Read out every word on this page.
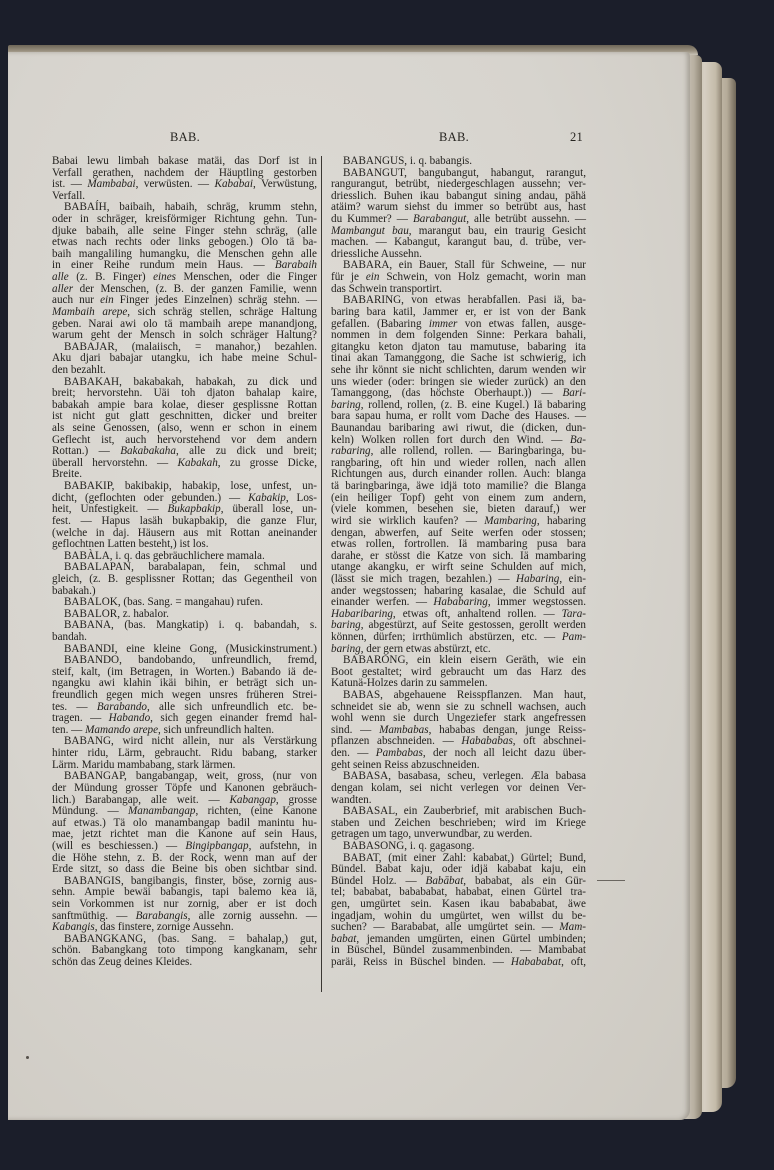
BAB.	BAB.	21
Babai lewu limbah bakase matäi, das Dorf ist in
Verfall gerathen, nachdem der Häuptling gestorben
ist. — Mambabai, verwüsten. — Kababai, Verwüstung,
Verfall.
BABAÍH, baibaih, habaih, schräg, krumm stehn,
oder in schräger, kreisförmiger Richtung gehn. Tun-
djuke babaih, alle seine Finger stehn schräg, (alle
etwas nach rechts oder links gebogen.) Olo tä ba-
baih mangaliling humangku, die Menschen gehn alle
in einer Reihe rundum mein Haus. — Barabaih
alle (z. B. Finger) eines Menschen, oder die Finger
aller der Menschen, (z. B. der ganzen Familie, wenn
auch nur ein Finger jedes Einzelnen) schräg stehn. —
Mambaih arepe, sich schräg stellen, schräge Haltung
geben. Narai awi olo tä mambaih arepe manandjong,
warum geht der Mensch in solch schräger Haltung?
BABAJAR, (malaiisch, = manahor,) bezahlen.
Aku djari babajar utangku, ich habe meine Schul-
den bezahlt.
BABAKAH, bakabakah, habakah, zu dick und
breit; hervorstehn. Uäi toh djaton bahalap kaire,
babakah ampie bara kolae, dieser gesplissne Rottan
ist nicht gut glatt geschnitten, dicker und breiter
als seine Genossen, (also, wenn er schon in einem
Geflecht ist, auch hervorstehend vor dem andern
Rottan.) — Bakabakaha, alle zu dick und breit;
überall hervorstehn. — Kabakah, zu grosse Dicke,
Breite.
BABAKIP, bakibakip, habakip, lose, unfest, un-
dicht, (geflochten oder gebunden.) — Kabakip, Los-
heit, Unfestigkeit. — Bukapbakip, überall lose, un-
fest. — Hapus lasäh bukapbakip, die ganze Flur,
(welche in daj. Häusern aus mit Rottan aneinander
geflochtnen Latten besteht,) ist los.
BABÀLA, i. q. das gebräuchlichere mamala.
BABALAPAN, barabalapan, fein, schmal und
gleich, (z. B. gesplissner Rottan; das Gegentheil von
babakah.)
BABALOK, (bas. Sang. = mangahau) rufen.
BABALOR, z. habalor.
BABANA, (bas. Mangkatip) i. q. babandah, s.
bandah.
BABANDI, eine kleine Gong, (Musickinstrument.)
BABANDO, bandobando, unfreundlich, fremd,
steif, kalt, (im Betragen, in Worten.) Babando iä de-
ngangku awi klahin ikäi bihin, er beträgt sich un-
freundlich gegen mich wegen unsres früheren Strei-
tes. — Barabando, alle sich unfreundlich etc. be-
tragen. — Habando, sich gegen einander fremd hal-
ten. — Mamando arepe, sich unfreundlich halten.
BABANG, wird nicht allein, nur als Verstärkung
hinter ridu, Lärm, gebraucht. Ridu babang, starker
Lärm. Maridu mambabang, stark lärmen.
BABANGAP, bangabangap, weit, gross, (nur von
der Mündung grosser Töpfe und Kanonen gebräuch-
lich.) Barabangap, alle weit. — Kabangap, grosse
Mündung. — Manambangap, richten, (eine Kanone
auf etwas.) Tä olo manambangap badil manintu hu-
mae, jetzt richtet man die Kanone auf sein Haus,
(will es beschiessen.) — Bingipbangap, aufstehn, in
die Höhe stehn, z. B. der Rock, wenn man auf der
Erde sitzt, so dass die Beine bis oben sichtbar sind.
BABANGIS, bangibangis, finster, böse, zornig aus-
sehn. Ampie bewäi babangis, tapi balemo kea iä,
sein Vorkommen ist nur zornig, aber er ist doch
sanftmüthig. — Barabangis, alle zornig aussehn. —
Kabangis, das finstere, zornige Aussehn.
BABANGKANG, (bas. Sang. = bahalap,) gut,
schön. Babangkang toto timpong kangkanam, sehr
schön das Zeug deines Kleides.
BABANGUS, i. q. babangis.
BABANGUT, bangubangut, habangut, rarangut,
rangurangut, betrübt, niedergeschlagen aussehn; ver-
driesslich. Buhen ikau babangut sining andau, pähä
atäim? warum siehst du immer so betrübt aus, hast
du Kummer? — Barabangut, alle betrübt aussehn. —
Mambangut bau, marangut bau, ein traurig Gesicht
machen. — Kabangut, karangut bau, d. trübe, ver-
driessliche Aussehn.
BABARA, ein Bauer, Stall für Schweine, — nur
für je ein Schwein, von Holz gemacht, worin man
das Schwein transportirt.
BABARING, von etwas herabfallen. Pasi iä, ba-
baring bara katil, Jammer er, er ist von der Bank
gefallen. (Babaring immer von etwas fallen, ausge-
nommen in dem folgenden Sinne: Perkara bahali,
gitangku keton djaton tau mamutuse, babaring ita
tinai akan Tamanggong, die Sache ist schwierig, ich
sehe ihr könnt sie nicht schlichten, darum wenden wir
uns wieder (oder: bringen sie wieder zurück) an den
Tamanggong, (das höchste Oberhaupt.)) — Bari-
baring, rollend, rollen, (z. B. eine Kugel.) Iä babaring
bara sapau huma, er rollt vom Dache des Hauses. —
Baunandau baribaring awi riwut, die (dicken, dun-
keln) Wolken rollen fort durch den Wind. — Ba-
rabaring, alle rollend, rollen. — Baringbaringa, bu-
rangbaring, oft hin und wieder rollen, nach allen
Richtungen aus, durch einander rollen. Auch: blanga
tä baringbaringa, äwe idjä toto mamilie? die Blanga
(ein heiliger Topf) geht von einem zum andern,
(viele kommen, besehen sie, bieten darauf,) wer
wird sie wirklich kaufen? — Mambaring, habaring
dengan, abwerfen, auf Seite werfen oder stossen;
etwas rollen, fortrollen. Iä mambaring pusa bara
darahe, er stösst die Katze von sich. Iä mambaring
utange akangku, er wirft seine Schulden auf mich,
(lässt sie mich tragen, bezahlen.) — Habaring, ein-
ander wegstossen; habaring kasalae, die Schuld auf
einander werfen. — Hababaring, immer wegstossen.
Habaribaring, etwas oft, anhaltend rollen. — Tara-
baring, abgestürzt, auf Seite gestossen, gerollt werden
können, dürfen; irrthümlich abstürzen, etc. — Pam-
baring, der gern etwas abstürzt, etc.
BABARONG, ein klein eisern Geräth, wie ein
Boot gestaltet; wird gebraucht um das Harz des
Katunä-Holzes darin zu sammelen.
BABAS, abgehauene Reisspflanzen. Man haut,
schneidet sie ab, wenn sie zu schnell wachsen, auch
wohl wenn sie durch Ungeziefer stark angefressen
sind. — Mambabas, hababas dengan, junge Reiss-
pflanzen abschneiden. — Habababas, oft abschnei-
den. — Pambabas, der noch all leicht dazu über-
geht seinen Reiss abzuschneiden.
BABASA, basabasa, scheu, verlegen. Æla babasa
dengan kolam, sei nicht verlegen vor deinen Ver-
wandten.
BABASAL, ein Zauberbrief, mit arabischen Buch-
staben und Zeichen beschrieben; wird im Kriege
getragen um tago, unverwundbar, zu werden.
BABASONG, i. q. gagasong.
BABAT, (mit einer Zahl: kababat,) Gürtel; Bund,
Bündel. Babat kaju, oder idjä kababat kaju, ein
Bündel Holz. — Babābat, bababat, als ein Gür-
tel; bababat, babababat, hababat, einen Gürtel tra-
gen, umgürtet sein. Kasen ikau babababat, äwe
ingadjam, wohin du umgürtet, wen willst du be-
suchen? — Barababat, alle umgürtet sein. — Mam-
babat, jemanden umgürten, einen Gürtel umbinden;
in Büschel, Bündel zusammenbinden. — Mambabat
paräi, Reiss in Büschel binden. — Habababat, oft,
